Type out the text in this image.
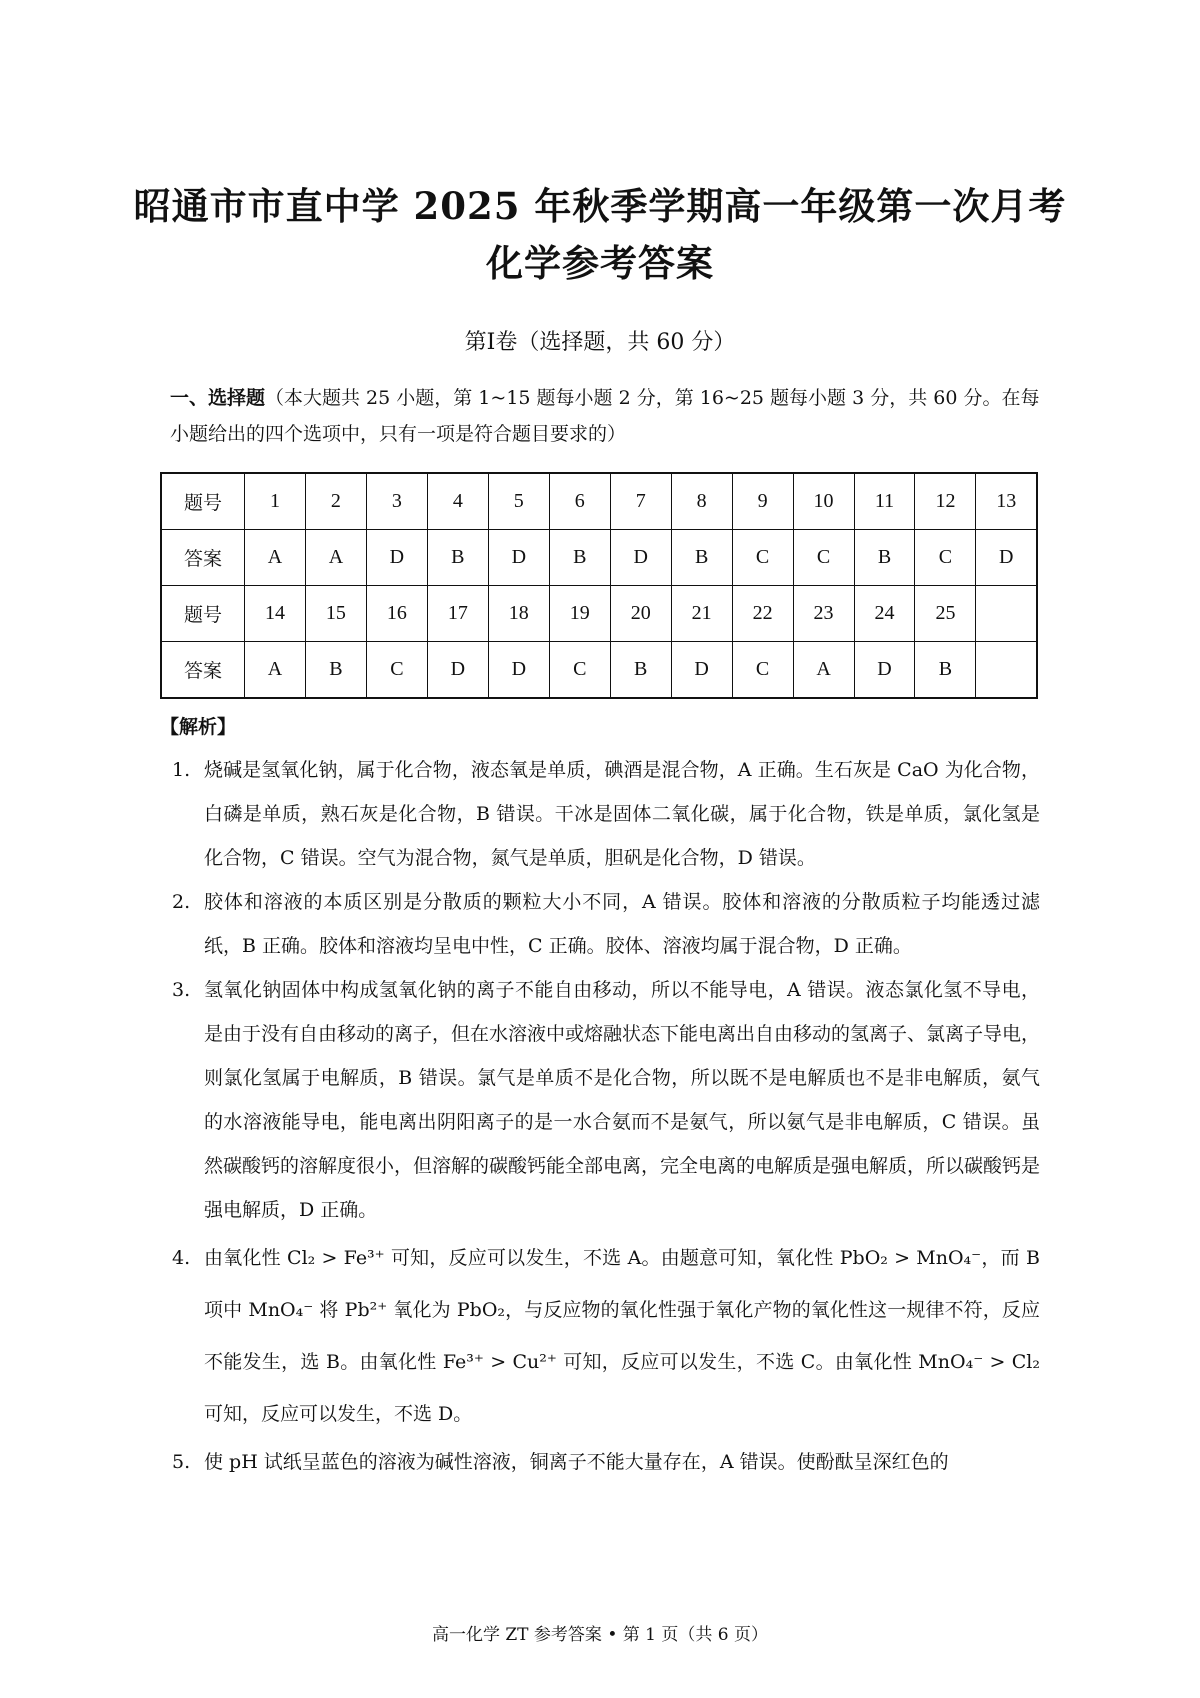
昭通市市直中学 2025 年秋季学期高一年级第一次月考
化学参考答案
第Ⅰ卷（选择题，共 60 分）
一、选择题（本大题共 25 小题，第 1~15 题每小题 2 分，第 16~25 题每小题 3 分，共 60 分。在每小题给出的四个选项中，只有一项是符合题目要求的）
题号	1	2	3	4	5	6	7	8	9	10	11	12	13
答案	A	A	D	B	D	B	D	B	C	C	B	C	D
题号	14	15	16	17	18	19	20	21	22	23	24	25	
答案	A	B	C	D	D	C	B	D	C	A	D	B	
【解析】
1. 烧碱是氢氧化钠，属于化合物，液态氧是单质，碘酒是混合物，A 正确。生石灰是 CaO 为化合物，白磷是单质，熟石灰是化合物，B 错误。干冰是固体二氧化碳，属于化合物，铁是单质，氯化氢是化合物，C 错误。空气为混合物，氮气是单质，胆矾是化合物，D 错误。

2. 胶体和溶液的本质区别是分散质的颗粒大小不同，A 错误。胶体和溶液的分散质粒子均能透过滤纸，B 正确。胶体和溶液均呈电中性，C 正确。胶体、溶液均属于混合物，D 正确。

3. 氢氧化钠固体中构成氢氧化钠的离子不能自由移动，所以不能导电，A 错误。液态氯化氢不导电，是由于没有自由移动的离子，但在水溶液中或熔融状态下能电离出自由移动的氢离子、氯离子导电，则氯化氢属于电解质，B 错误。氯气是单质不是化合物，所以既不是电解质也不是非电解质，氨气的水溶液能导电，能电离出阴阳离子的是一水合氨而不是氨气，所以氨气是非电解质，C 错误。虽然碳酸钙的溶解度很小，但溶解的碳酸钙能全部电离，完全电离的电解质是强电解质，所以碳酸钙是强电解质，D 正确。

4. 由氧化性 Cl₂ > Fe³⁺ 可知，反应可以发生，不选 A。由题意可知，氧化性 PbO₂ > MnO₄⁻，而 B 项中 MnO₄⁻ 将 Pb²⁺ 氧化为 PbO₂，与反应物的氧化性强于氧化产物的氧化性这一规律不符，反应不能发生，选 B。由氧化性 Fe³⁺ > Cu²⁺ 可知，反应可以发生，不选 C。由氧化性 MnO₄⁻ > Cl₂ 可知，反应可以发生，不选 D。

5. 使 pH 试纸呈蓝色的溶液为碱性溶液，铜离子不能大量存在，A 错误。使酚酞呈深红色的

高一化学 ZT 参考答案 • 第 1 页（共 6 页）
